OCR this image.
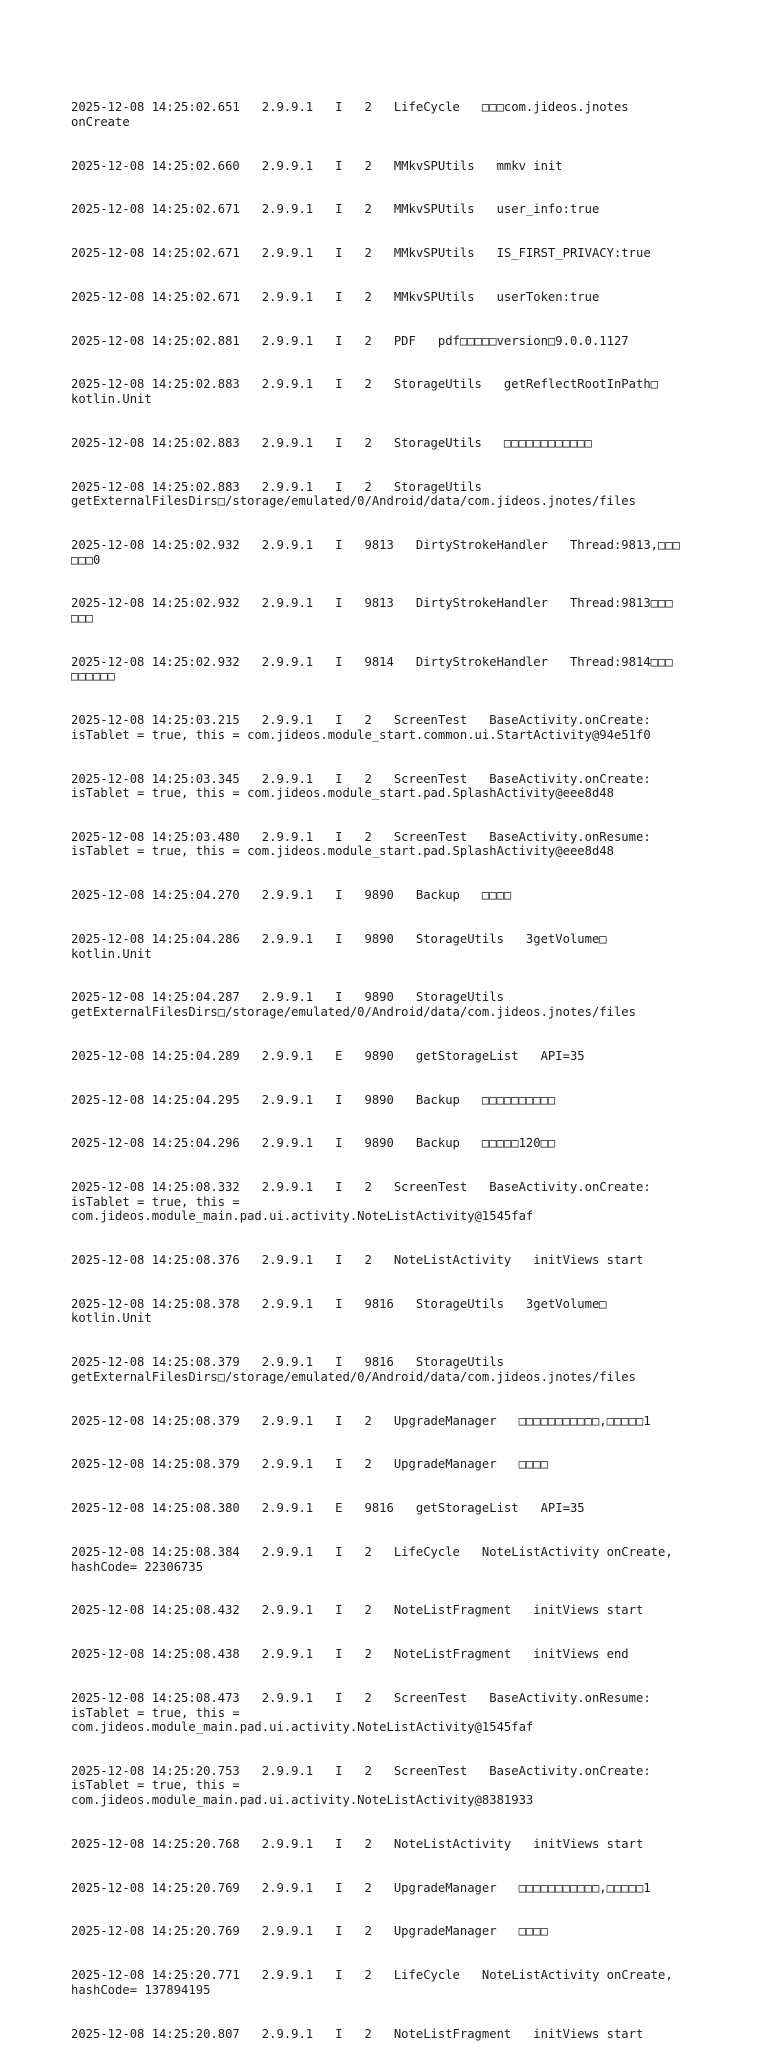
2025-12-08 14:25:02.651   2.9.9.1   I   2   LifeCycle   □□□com.jideos.jnotes
onCreate

2025-12-08 14:25:02.660   2.9.9.1   I   2   MMkvSPUtils   mmkv init

2025-12-08 14:25:02.671   2.9.9.1   I   2   MMkvSPUtils   user_info:true

2025-12-08 14:25:02.671   2.9.9.1   I   2   MMkvSPUtils   IS_FIRST_PRIVACY:true

2025-12-08 14:25:02.671   2.9.9.1   I   2   MMkvSPUtils   userToken:true

2025-12-08 14:25:02.881   2.9.9.1   I   2   PDF   pdf□□□□□version□9.0.0.1127

2025-12-08 14:25:02.883   2.9.9.1   I   2   StorageUtils   getReflectRootInPath□
kotlin.Unit

2025-12-08 14:25:02.883   2.9.9.1   I   2   StorageUtils   □□□□□□□□□□□□

2025-12-08 14:25:02.883   2.9.9.1   I   2   StorageUtils
getExternalFilesDirs□/storage/emulated/0/Android/data/com.jideos.jnotes/files

2025-12-08 14:25:02.932   2.9.9.1   I   9813   DirtyStrokeHandler   Thread:9813,□□□
□□□0

2025-12-08 14:25:02.932   2.9.9.1   I   9813   DirtyStrokeHandler   Thread:9813□□□
□□□

2025-12-08 14:25:02.932   2.9.9.1   I   9814   DirtyStrokeHandler   Thread:9814□□□
□□□□□□

2025-12-08 14:25:03.215   2.9.9.1   I   2   ScreenTest   BaseActivity.onCreate:
isTablet = true, this = com.jideos.module_start.common.ui.StartActivity@94e51f0

2025-12-08 14:25:03.345   2.9.9.1   I   2   ScreenTest   BaseActivity.onCreate:
isTablet = true, this = com.jideos.module_start.pad.SplashActivity@eee8d48

2025-12-08 14:25:03.480   2.9.9.1   I   2   ScreenTest   BaseActivity.onResume:
isTablet = true, this = com.jideos.module_start.pad.SplashActivity@eee8d48

2025-12-08 14:25:04.270   2.9.9.1   I   9890   Backup   □□□□

2025-12-08 14:25:04.286   2.9.9.1   I   9890   StorageUtils   3getVolume□
kotlin.Unit

2025-12-08 14:25:04.287   2.9.9.1   I   9890   StorageUtils
getExternalFilesDirs□/storage/emulated/0/Android/data/com.jideos.jnotes/files

2025-12-08 14:25:04.289   2.9.9.1   E   9890   getStorageList   API=35

2025-12-08 14:25:04.295   2.9.9.1   I   9890   Backup   □□□□□□□□□□

2025-12-08 14:25:04.296   2.9.9.1   I   9890   Backup   □□□□□120□□

2025-12-08 14:25:08.332   2.9.9.1   I   2   ScreenTest   BaseActivity.onCreate:
isTablet = true, this =
com.jideos.module_main.pad.ui.activity.NoteListActivity@1545faf

2025-12-08 14:25:08.376   2.9.9.1   I   2   NoteListActivity   initViews start

2025-12-08 14:25:08.378   2.9.9.1   I   9816   StorageUtils   3getVolume□
kotlin.Unit

2025-12-08 14:25:08.379   2.9.9.1   I   9816   StorageUtils
getExternalFilesDirs□/storage/emulated/0/Android/data/com.jideos.jnotes/files

2025-12-08 14:25:08.379   2.9.9.1   I   2   UpgradeManager   □□□□□□□□□□□,□□□□□1

2025-12-08 14:25:08.379   2.9.9.1   I   2   UpgradeManager   □□□□

2025-12-08 14:25:08.380   2.9.9.1   E   9816   getStorageList   API=35

2025-12-08 14:25:08.384   2.9.9.1   I   2   LifeCycle   NoteListActivity onCreate,
hashCode= 22306735

2025-12-08 14:25:08.432   2.9.9.1   I   2   NoteListFragment   initViews start

2025-12-08 14:25:08.438   2.9.9.1   I   2   NoteListFragment   initViews end

2025-12-08 14:25:08.473   2.9.9.1   I   2   ScreenTest   BaseActivity.onResume:
isTablet = true, this =
com.jideos.module_main.pad.ui.activity.NoteListActivity@1545faf

2025-12-08 14:25:20.753   2.9.9.1   I   2   ScreenTest   BaseActivity.onCreate:
isTablet = true, this =
com.jideos.module_main.pad.ui.activity.NoteListActivity@8381933

2025-12-08 14:25:20.768   2.9.9.1   I   2   NoteListActivity   initViews start

2025-12-08 14:25:20.769   2.9.9.1   I   2   UpgradeManager   □□□□□□□□□□□,□□□□□1

2025-12-08 14:25:20.769   2.9.9.1   I   2   UpgradeManager   □□□□

2025-12-08 14:25:20.771   2.9.9.1   I   2   LifeCycle   NoteListActivity onCreate,
hashCode= 137894195

2025-12-08 14:25:20.807   2.9.9.1   I   2   NoteListFragment   initViews start
